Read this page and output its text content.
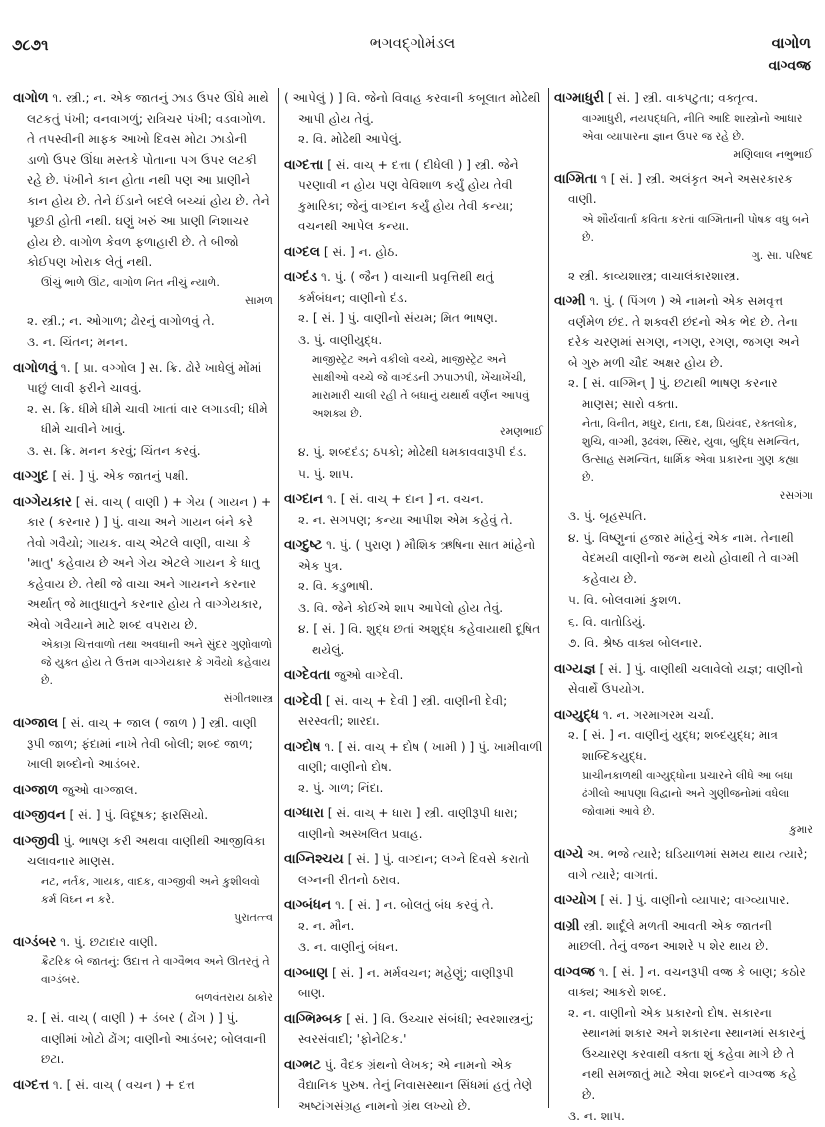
૭૮૭૧	ભગવદ્ગોમંડલ	વાગોળ
વાગ્વજ્ર
વાગોળ ૧. સ્ત્રી.; ન. એક જાતનું ઝાડ ઉપર ઊંધે માથે લટકતું પંખી; વનવાગળું; રાત્રિચર પંખી; વડવાગોળ. તે તપસ્વીની માફક આખો દિવસ મોટા ઝાડોની ડાળો ઉપર ઊંધા મસ્તકે પોતાના પગ ઉપર લટકી રહે છે. પંખીને કાન હોતા નથી પણ આ પ્રાણીને કાન હોય છે. તેને ઈંડાને બદલે બચ્ચાં હોય છે. તેને પૂછડી હોતી નથી. ઘણું ખરું આ પ્રાણી નિશાચર હોય છે. વાગોળ કેવળ ફળાહારી છે. તે બીજો કોઈપણ ખોરાક લેતું નથી.
ઊંચું ભાળે ઊંટ, વાગોળ નિત નીચું ન્યાળે.
સામળ
૨. સ્ત્રી.; ન. ઓગાળ; ઢોરનું વાગોળવું તે.
૩. ન. ચિંતન; મનન.
વાગોળવું ૧. [ પ્રા. વગ્ગોલ ] સ. ક્રિ. ઢોરે ખાધેલું મોંમાં પાછું લાવી ફરીને ચાવવું.
૨. સ. ક્રિ. ધીમે ધીમે ચાવી ખાતાં વાર લગાડવી; ધીમે ધીમે ચાવીને ખાવું.
૩. સ. ક્રિ. મનન કરવું; ચિંતન કરવું.
વાગ્ગુદ [ સં. ] પું. એક જાતનું પક્ષી.
વાગ્ગેયકાર [ સં. વાચ્ ( વાણી ) + ગેય ( ગાયન ) + કાર ( કરનાર ) ] પું. વાચા અને ગાયન બંને કરે તેવો ગવૈયો; ગાયક. વાચ્ એટલે વાણી, વાચા કે 'માતુ' કહેવાય છે અને ગેય એટલે ગાયન કે ધાતુ કહેવાય છે. તેથી જે વાચા અને ગાયનને કરનાર અર્થાત્ જે માતુધાતુને કરનાર હોય તે વાગ્ગેયકાર, એવો ગવૈયાને માટે શબ્દ વપરાય છે.
એકાગ્ર ચિત્તવાળો તથા અવધાની અને સુંદર ગુણોવાળો જે યુક્ત હોય તે ઉત્તમ વાગ્ગેયકાર કે ગવૈયો કહેવાય છે.
સંગીતશાસ્ત્ર
વાગ્જાલ [ સં. વાચ્ + જાલ ( જાળ ) ] સ્ત્રી. વાણી રૂપી જાળ; ફંદામાં નાખે તેવી બોલી; શબ્દ જાળ; ખાલી શબ્દોનો આડંબર.
વાગ્જાળ જુઓ વાગ્જાલ.
વાગ્જીવન [ સં. ] પું. વિદૂષક; ફારસિયો.
વાગ્જીવી પું. ભાષણ કરી અથવા વાણીથી આજીવિકા ચલાવનાર માણસ.
નટ, નર્તક, ગાયક, વાદક, વાગ્જીવી અને કુશીલવો કર્મ વિઘ્ન ન કરે.
પુરાતત્ત્વ
વાગ્ડંબર ૧. પું. છટાદાર વાણી.
ક્રૈટરિક બે જાતનું: ઉદાત્ત તે વાગ્વૈભવ અને ઊતરતું તે વાગ્ડંબર.
બળવંતરાય ઠાકોર
૨. [ સં. વાચ્ ( વાણી ) + ડંબર ( ઢોંગ ) ] પું. વાણીમાં ખોટો ઢોંગ; વાણીનો આડંબર; બોલવાની છટા.
વાગ્દત્ત ૧. [ સં. વાચ્ ( વચન ) + દત્ત
( આપેલું ) ] વિ. જેનો વિવાહ કરવાની કબૂલાત મોઢેથી આપી હોય તેવું.
૨. વિ. મોઢેથી આપેલું.
વાગ્દત્તા [ સં. વાચ્ + દત્તા ( દીધેલી ) ] સ્ત્રી. જેને પરણાવી ન હોય પણ વેવિશાળ કર્યું હોય તેવી કુમારિકા; જેનું વાગ્દાન કર્યું હોય તેવી કન્યા; વચનથી આપેલ કન્યા.
વાગ્દલ [ સં. ] ન. હોઠ.
વાગ્દંડ ૧. પું. ( જૈન ) વાચાની પ્રવૃત્તિથી થતું કર્મબંધન; વાણીનો દંડ.
૨. [ સં. ] પું. વાણીનો સંયમ; મિત ભાષણ.
૩. પું. વાણીયુદ્ધ.
માજીસ્ટ્રેટ અને વકીલો વચ્ચે, માજીસ્ટ્રેટ અને સાક્ષીઓ વચ્ચે જે વાગ્દંડની ઝપાઝપી, ખેંચાખેંચી, મારામારી ચાલી રહી તે બધાનું યથાર્થ વર્ણન આપવું અશક્ય છે.
રમણભાઈ
૪. પું. શબ્દદંડ; ઠપકો; મોઢેથી ધમકાવવારૂપી દંડ.
૫. પું. શાપ.
વાગ્દાન ૧. [ સં. વાચ્ + દાન ] ન. વચન.
૨. ન. સગપણ; કન્યા આપીશ એમ કહેવું તે.
વાગ્દુષ્ટ ૧. પું. ( પુરાણ ) મૌશિક ઋષિના સાત માંહેનો એક પુત્ર.
૨. વિ. કડુભાષી.
૩. વિ. જેને કોઈએ શાપ આપેલો હોય તેવું.
૪. [ સં. ] વિ. શુદ્ધ છતાં અશુદ્ધ કહેવાયાથી દૂષિત થયેલું.
વાગ્દેવતા જુઓ વાગ્દેવી.
વાગ્દેવી [ સં. વાચ્ + દેવી ] સ્ત્રી. વાણીની દેવી; સરસ્વતી; શારદા.
વાગ્દોષ ૧. [ સં. વાચ્ + દોષ ( ખામી ) ] પું. ખામીવાળી વાણી; વાણીનો દોષ.
૨. પું. ગાળ; નિંદા.
વાગ્ધારા [ સં. વાચ્ + ધારા ] સ્ત્રી. વાણીરૂપી ધારા; વાણીનો અસ્ખલિત પ્રવાહ.
વાગ્નિશ્ચય [ સં. ] પું. વાગ્દાન; લગ્ને દિવસે કરાતો લગ્નની રીતનો ઠરાવ.
વાગ્બંધન ૧. [ સં. ] ન. બોલતું બંધ કરવું તે.
૨. ન. મૌન.
૩. ન. વાણીનું બંધન.
વાગ્બાણ [ સં. ] ન. મર્મવચન; મહેણું; વાણીરૂપી બાણ.
વાગ્ભિમ્બક [ સં. ] વિ. ઉચ્ચાર સંબંધી; સ્વરશાસ્ત્રનું; સ્વરસંવાદી; 'ફોનેટિક.'
વાગ્ભટ પું. વૈદક ગ્રંથનો લેખક; એ નામનો એક વૈદ્યાનિક પુરુષ. તેનું નિવાસસ્થાન સિંધમાં હતું તેણે અષ્ટાંગસંગ્રહ નામનો ગ્રંથ લખ્યો છે.
વાગ્માધુરી [ સં. ] સ્ત્રી. વાક્પટુતા; વક્તૃત્વ.
વાગ્માધુરી, નયપદ્ધતિ, નીતિ આદિ શાસ્ત્રોનો આધાર એવા વ્યાપારના જ્ઞાન ઉપર જ રહે છે.
મણિલાલ નભુભાઈ
વાગ્મિતા ૧ [ સં. ] સ્ત્રી. અલંકૃત અને અસરકારક વાણી.
એ શૌર્યવાર્તા કવિતા કરતાં વાગ્મિતાની પોષક વધુ બને છે.
ગુ. સા. પરિષદ
૨ સ્ત્રી. કાવ્યશાસ્ત્ર; વાચાલંકારશાસ્ત્ર.
વાગ્મી ૧. પું. ( પિંગળ ) એ નામનો એક સમવૃત્ત વર્ણમેળ છંદ. તે શક્વરી છંદનો એક ભેદ છે. તેના દરેક ચરણમાં સગણ, નગણ, રગણ, જગણ અને બે ગુરુ મળી ચૌદ અક્ષર હોય છે.
૨. [ સં. વાગ્મિન્ ] પું. છટાથી ભાષણ કરનાર માણસ; સારો વક્તા.
નેતા, વિનીત, મધુર, દાતા, દક્ષ, પ્રિયંવદ, રક્તલોક, શુચિ, વાગ્મી, રૂઢવંશ, સ્થિર, યુવા, બુદ્ધિ સમન્વિત, ઉત્સાહ સમન્વિત, ધાર્મિક એવા પ્રકારના ગુણ કહ્યા છે.
રસગંગા
૩. પું. બૃહસ્પતિ.
૪. પું. વિષ્ણુનાં હજાર માંહેનું એક નામ. તેનાથી વેદમયી વાણીનો જન્મ થયો હોવાથી તે વાગ્મી કહેવાય છે.
૫. વિ. બોલવામાં કુશળ.
૬. વિ. વાતોડિયું.
૭. વિ. શ્રેષ્ઠ વાક્ય બોલનાર.
વાગ્યજ્ઞ [ સં. ] પું. વાણીથી ચલાવેલો યજ્ઞ; વાણીનો સેવાર્થે ઉપયોગ.
વાગ્યુદ્ધ ૧. ન. ગરમાગરમ ચર્ચા.
૨. [ સં. ] ન. વાણીનું યુદ્ધ; શબ્દયુદ્ધ; માત્ર શાબ્દિકયુદ્ધ.
પ્રાચીનકાળથી વાગ્યુદ્ધોના પ્રચારને લીધે આ બધા ઢંગીલો આપણા વિદ્વાનો અને ગુણીજનોમાં વધેલા જોવામાં આવે છે.
કુમાર
વાગ્યે અ. ભજે ત્યારે; ઘડિયાળમાં સમય થાય ત્યારે; વાગે ત્યારે; વાગતાં.
વાગ્યોગ [ સં. ] પું. વાણીનો વ્યાપાર; વાગ્વ્યાપાર.
વાગ્રી સ્ત્રી. શાર્દૂલે મળતી આવતી એક જાતની માછલી. તેનું વજન આશરે ૫ શેર થાય છે.
વાગ્વજ્ર ૧. [ સં. ] ન. વચનરૂપી વજ્ર કે બાણ; કઠોર વાક્ય; આકરો શબ્દ.
૨. ન. વાણીનો એક પ્રકારનો દોષ. સકારના સ્થાનમાં શકાર અને શકારના સ્થાનમાં સકારનું ઉચ્ચારણ કરવાથી વક્તા શું કહેવા માગે છે તે નથી સમજાતું માટે એવા શબ્દને વાગ્વજ્ર કહે છે.
૩. ન. શાપ.
